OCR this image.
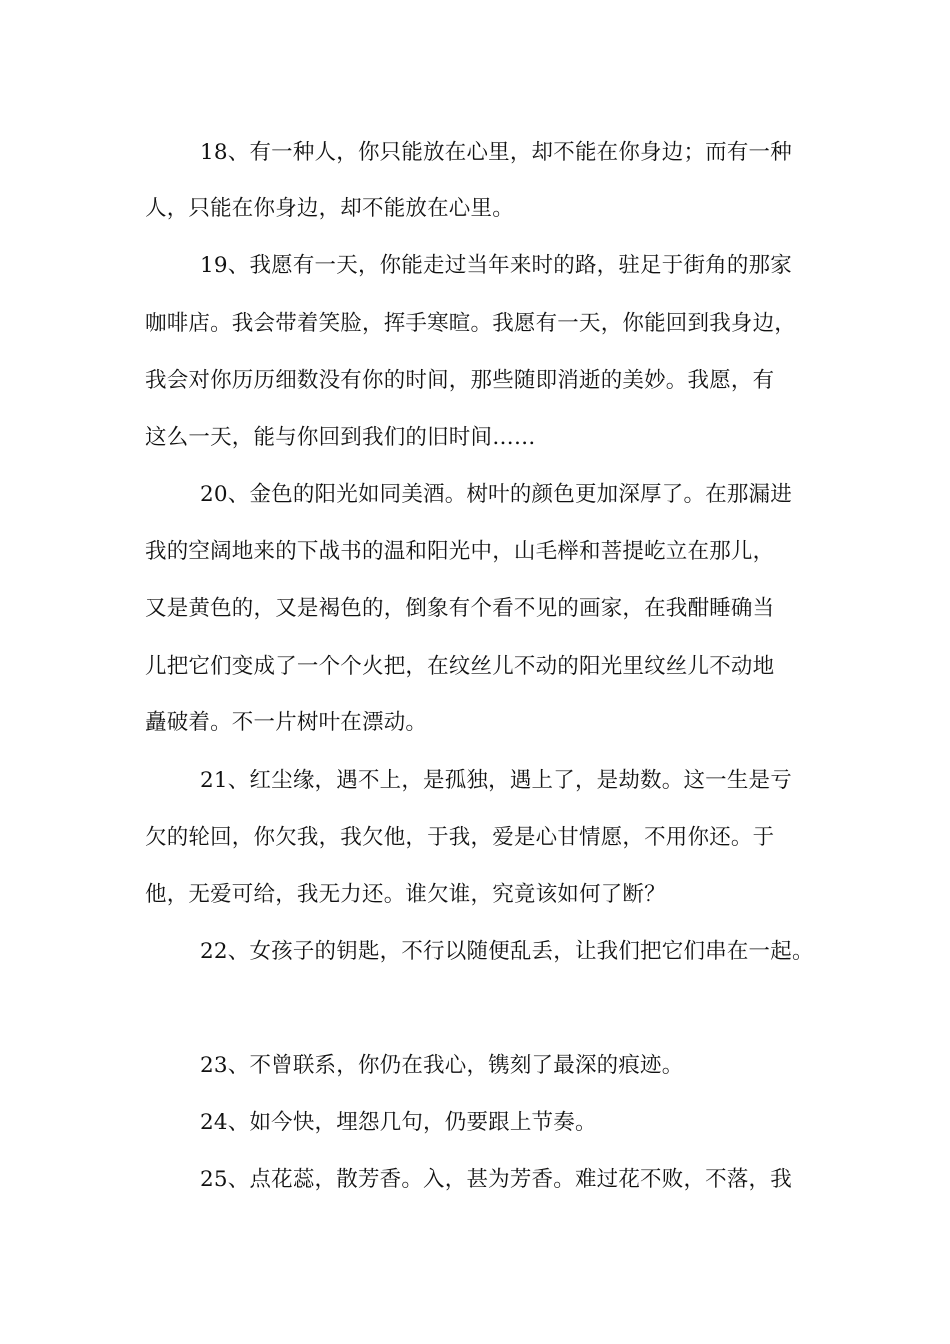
18、有一种人，你只能放在心里，却不能在你身边；而有一种
人，只能在你身边，却不能放在心里。
19、我愿有一天，你能走过当年来时的路，驻足于街角的那家
咖啡店。我会带着笑脸，挥手寒暄。我愿有一天，你能回到我身边，
我会对你历历细数没有你的时间，那些随即消逝的美妙。我愿，有
这么一天，能与你回到我们的旧时间……
20、金色的阳光如同美酒。树叶的颜色更加深厚了。在那漏进
我的空阔地来的下战书的温和阳光中，山毛榉和菩提屹立在那儿，
又是黄色的，又是褐色的，倒象有个看不见的画家，在我酣睡确当
儿把它们变成了一个个火把，在纹丝儿不动的阳光里纹丝儿不动地
矗破着。不一片树叶在漂动。
21、红尘缘，遇不上，是孤独，遇上了，是劫数。这一生是亏
欠的轮回，你欠我，我欠他，于我，爱是心甘情愿，不用你还。于
他，无爱可给，我无力还。谁欠谁，究竟该如何了断？
22、女孩子的钥匙，不行以随便乱丢，让我们把它们串在一起。
23、不曾联系，你仍在我心，镌刻了最深的痕迹。
24、如今快，埋怨几句，仍要跟上节奏。
25、点花蕊，散芳香。入，甚为芳香。难过花不败，不落，我
